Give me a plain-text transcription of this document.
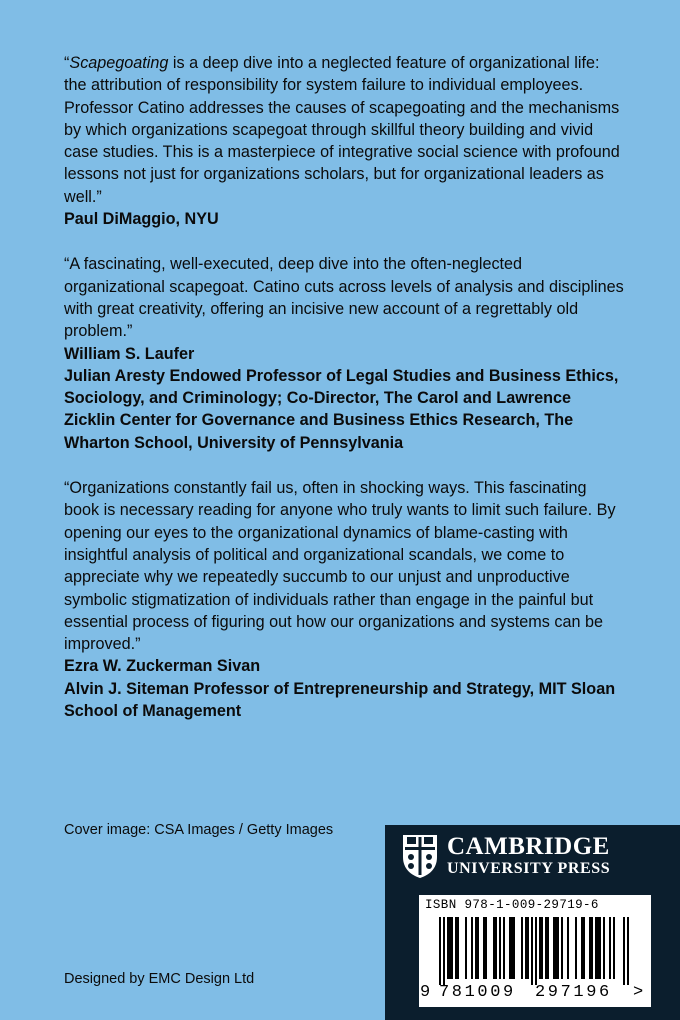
“Scapegoating is a deep dive into a neglected feature of organizational life: the attribution of responsibility for system failure to individual employees. Professor Catino addresses the causes of scapegoating and the mechanisms by which organizations scapegoat through skillful theory building and vivid case studies. This is a masterpiece of integrative social science with profound lessons not just for organizations scholars, but for organizational leaders as well.”

Paul DiMaggio, NYU

“A fascinating, well-executed, deep dive into the often-neglected organizational scapegoat. Catino cuts across levels of analysis and disciplines with great creativity, offering an incisive new account of a regrettably old problem.”

William S. Laufer

Julian Aresty Endowed Professor of Legal Studies and Business Ethics, Sociology, and Criminology; Co-Director, The Carol and Lawrence Zicklin Center for Governance and Business Ethics Research, The Wharton School, University of Pennsylvania

“Organizations constantly fail us, often in shocking ways. This fascinating book is necessary reading for anyone who truly wants to limit such failure. By opening our eyes to the organizational dynamics of blame-casting with insightful analysis of political and organizational scandals, we come to appreciate why we repeatedly succumb to our unjust and unproductive symbolic stigmatization of individuals rather than engage in the painful but essential process of figuring out how our organizations and systems can be improved.”

Ezra W. Zuckerman Sivan

Alvin J. Siteman Professor of Entrepreneurship and Strategy, MIT Sloan School of Management

Cover image: CSA Images / Getty Images
Designed by EMC Design Ltd
CAMBRIDGE
UNIVERSITY PRESS
ISBN 978-1-009-29719-6
9 781009 297196 >
